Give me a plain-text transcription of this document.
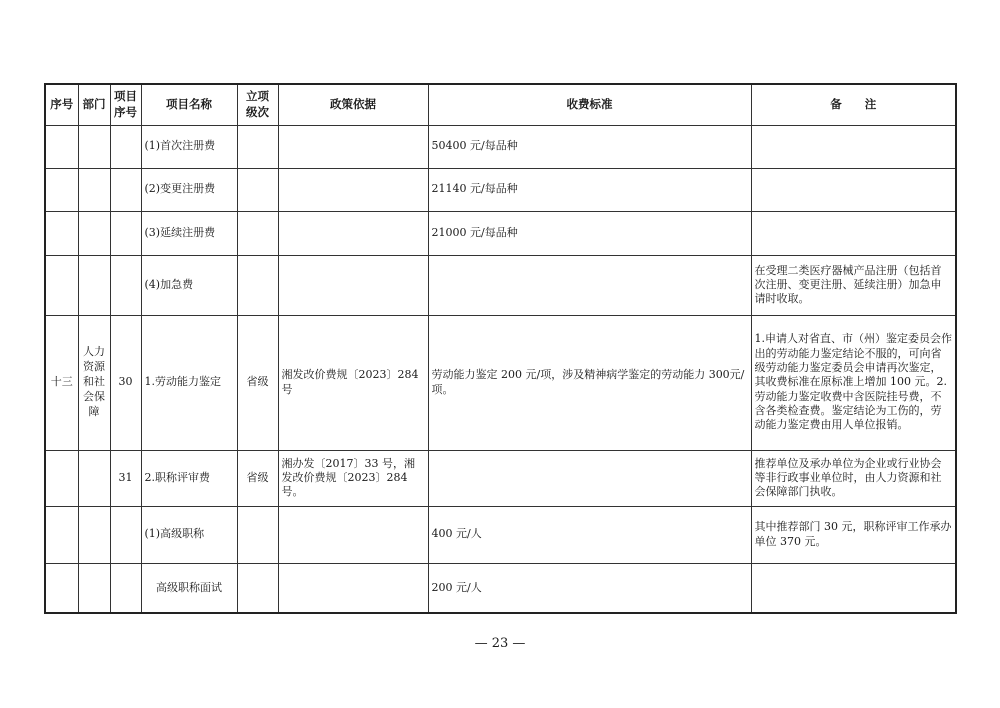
序号	部门	项目序号	项目名称	立项级次	政策依据	收费标准	备　　注
			(1)首次注册费			50400 元/每品种	
			(2)变更注册费			21140 元/每品种	
			(3)延续注册费			21000 元/每品种	
			(4)加急费				在受理二类医疗器械产品注册（包括首次注册、变更注册、延续注册）加急申请时收取。
十三	人力资源和社会保障	30	1.劳动能力鉴定	省级	湘发改价费规〔2023〕284号	劳动能力鉴定 200 元/项，涉及精神病学鉴定的劳动能力 300元/项。	1.申请人对省直、市（州）鉴定委员会作出的劳动能力鉴定结论不服的，可向省级劳动能力鉴定委员会申请再次鉴定，其收费标准在原标准上增加 100 元。2.劳动能力鉴定收费中含医院挂号费，不含各类检查费。鉴定结论为工伤的，劳动能力鉴定费由用人单位报销。
		31	2.职称评审费	省级	湘办发〔2017〕33 号，湘发改价费规〔2023〕284号。		推荐单位及承办单位为企业或行业协会等非行政事业单位时，由人力资源和社会保障部门执收。
			(1)高级职称			400 元/人	其中推荐部门 30 元，职称评审工作承办单位 370 元。
			高级职称面试			200 元/人	
— 23 —
